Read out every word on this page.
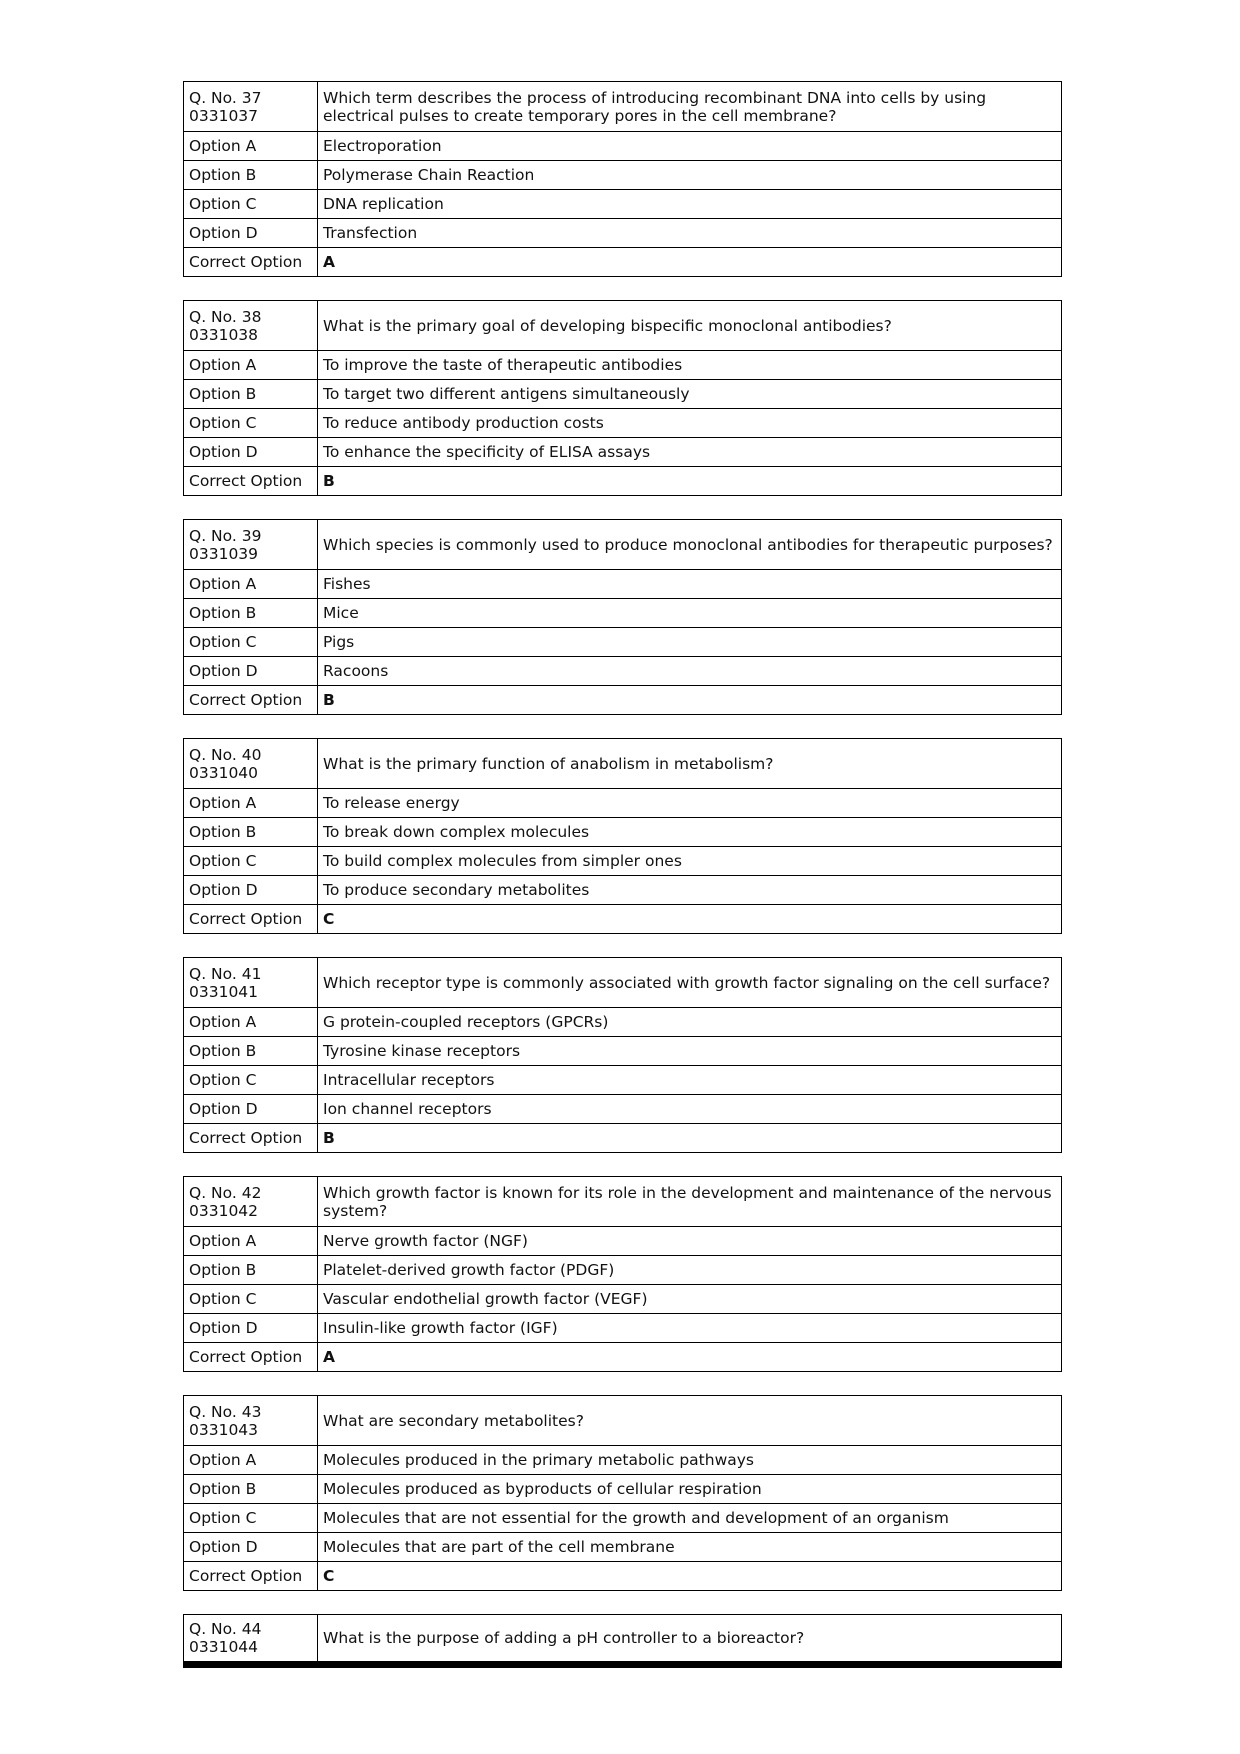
Q. No. 37
0331037	Which term describes the process of introducing recombinant DNA into cells by using electrical pulses to create temporary pores in the cell membrane?
Option A	Electroporation
Option B	Polymerase Chain Reaction
Option C	DNA replication
Option D	Transfection
Correct Option	A
Q. No. 38
0331038	What is the primary goal of developing bispecific monoclonal antibodies?
Option A	To improve the taste of therapeutic antibodies
Option B	To target two different antigens simultaneously
Option C	To reduce antibody production costs
Option D	To enhance the specificity of ELISA assays
Correct Option	B
Q. No. 39
0331039	Which species is commonly used to produce monoclonal antibodies for therapeutic purposes?
Option A	Fishes
Option B	Mice
Option C	Pigs
Option D	Racoons
Correct Option	B
Q. No. 40
0331040	What is the primary function of anabolism in metabolism?
Option A	To release energy
Option B	To break down complex molecules
Option C	To build complex molecules from simpler ones
Option D	To produce secondary metabolites
Correct Option	C
Q. No. 41
0331041	Which receptor type is commonly associated with growth factor signaling on the cell surface?
Option A	G protein-coupled receptors (GPCRs)
Option B	Tyrosine kinase receptors
Option C	Intracellular receptors
Option D	Ion channel receptors
Correct Option	B
Q. No. 42
0331042	Which growth factor is known for its role in the development and maintenance of the nervous system?
Option A	Nerve growth factor (NGF)
Option B	Platelet-derived growth factor (PDGF)
Option C	Vascular endothelial growth factor (VEGF)
Option D	Insulin-like growth factor (IGF)
Correct Option	A
Q. No. 43
0331043	What are secondary metabolites?
Option A	Molecules produced in the primary metabolic pathways
Option B	Molecules produced as byproducts of cellular respiration
Option C	Molecules that are not essential for the growth and development of an organism
Option D	Molecules that are part of the cell membrane
Correct Option	C
Q. No. 44
0331044	What is the purpose of adding a pH controller to a bioreactor?
